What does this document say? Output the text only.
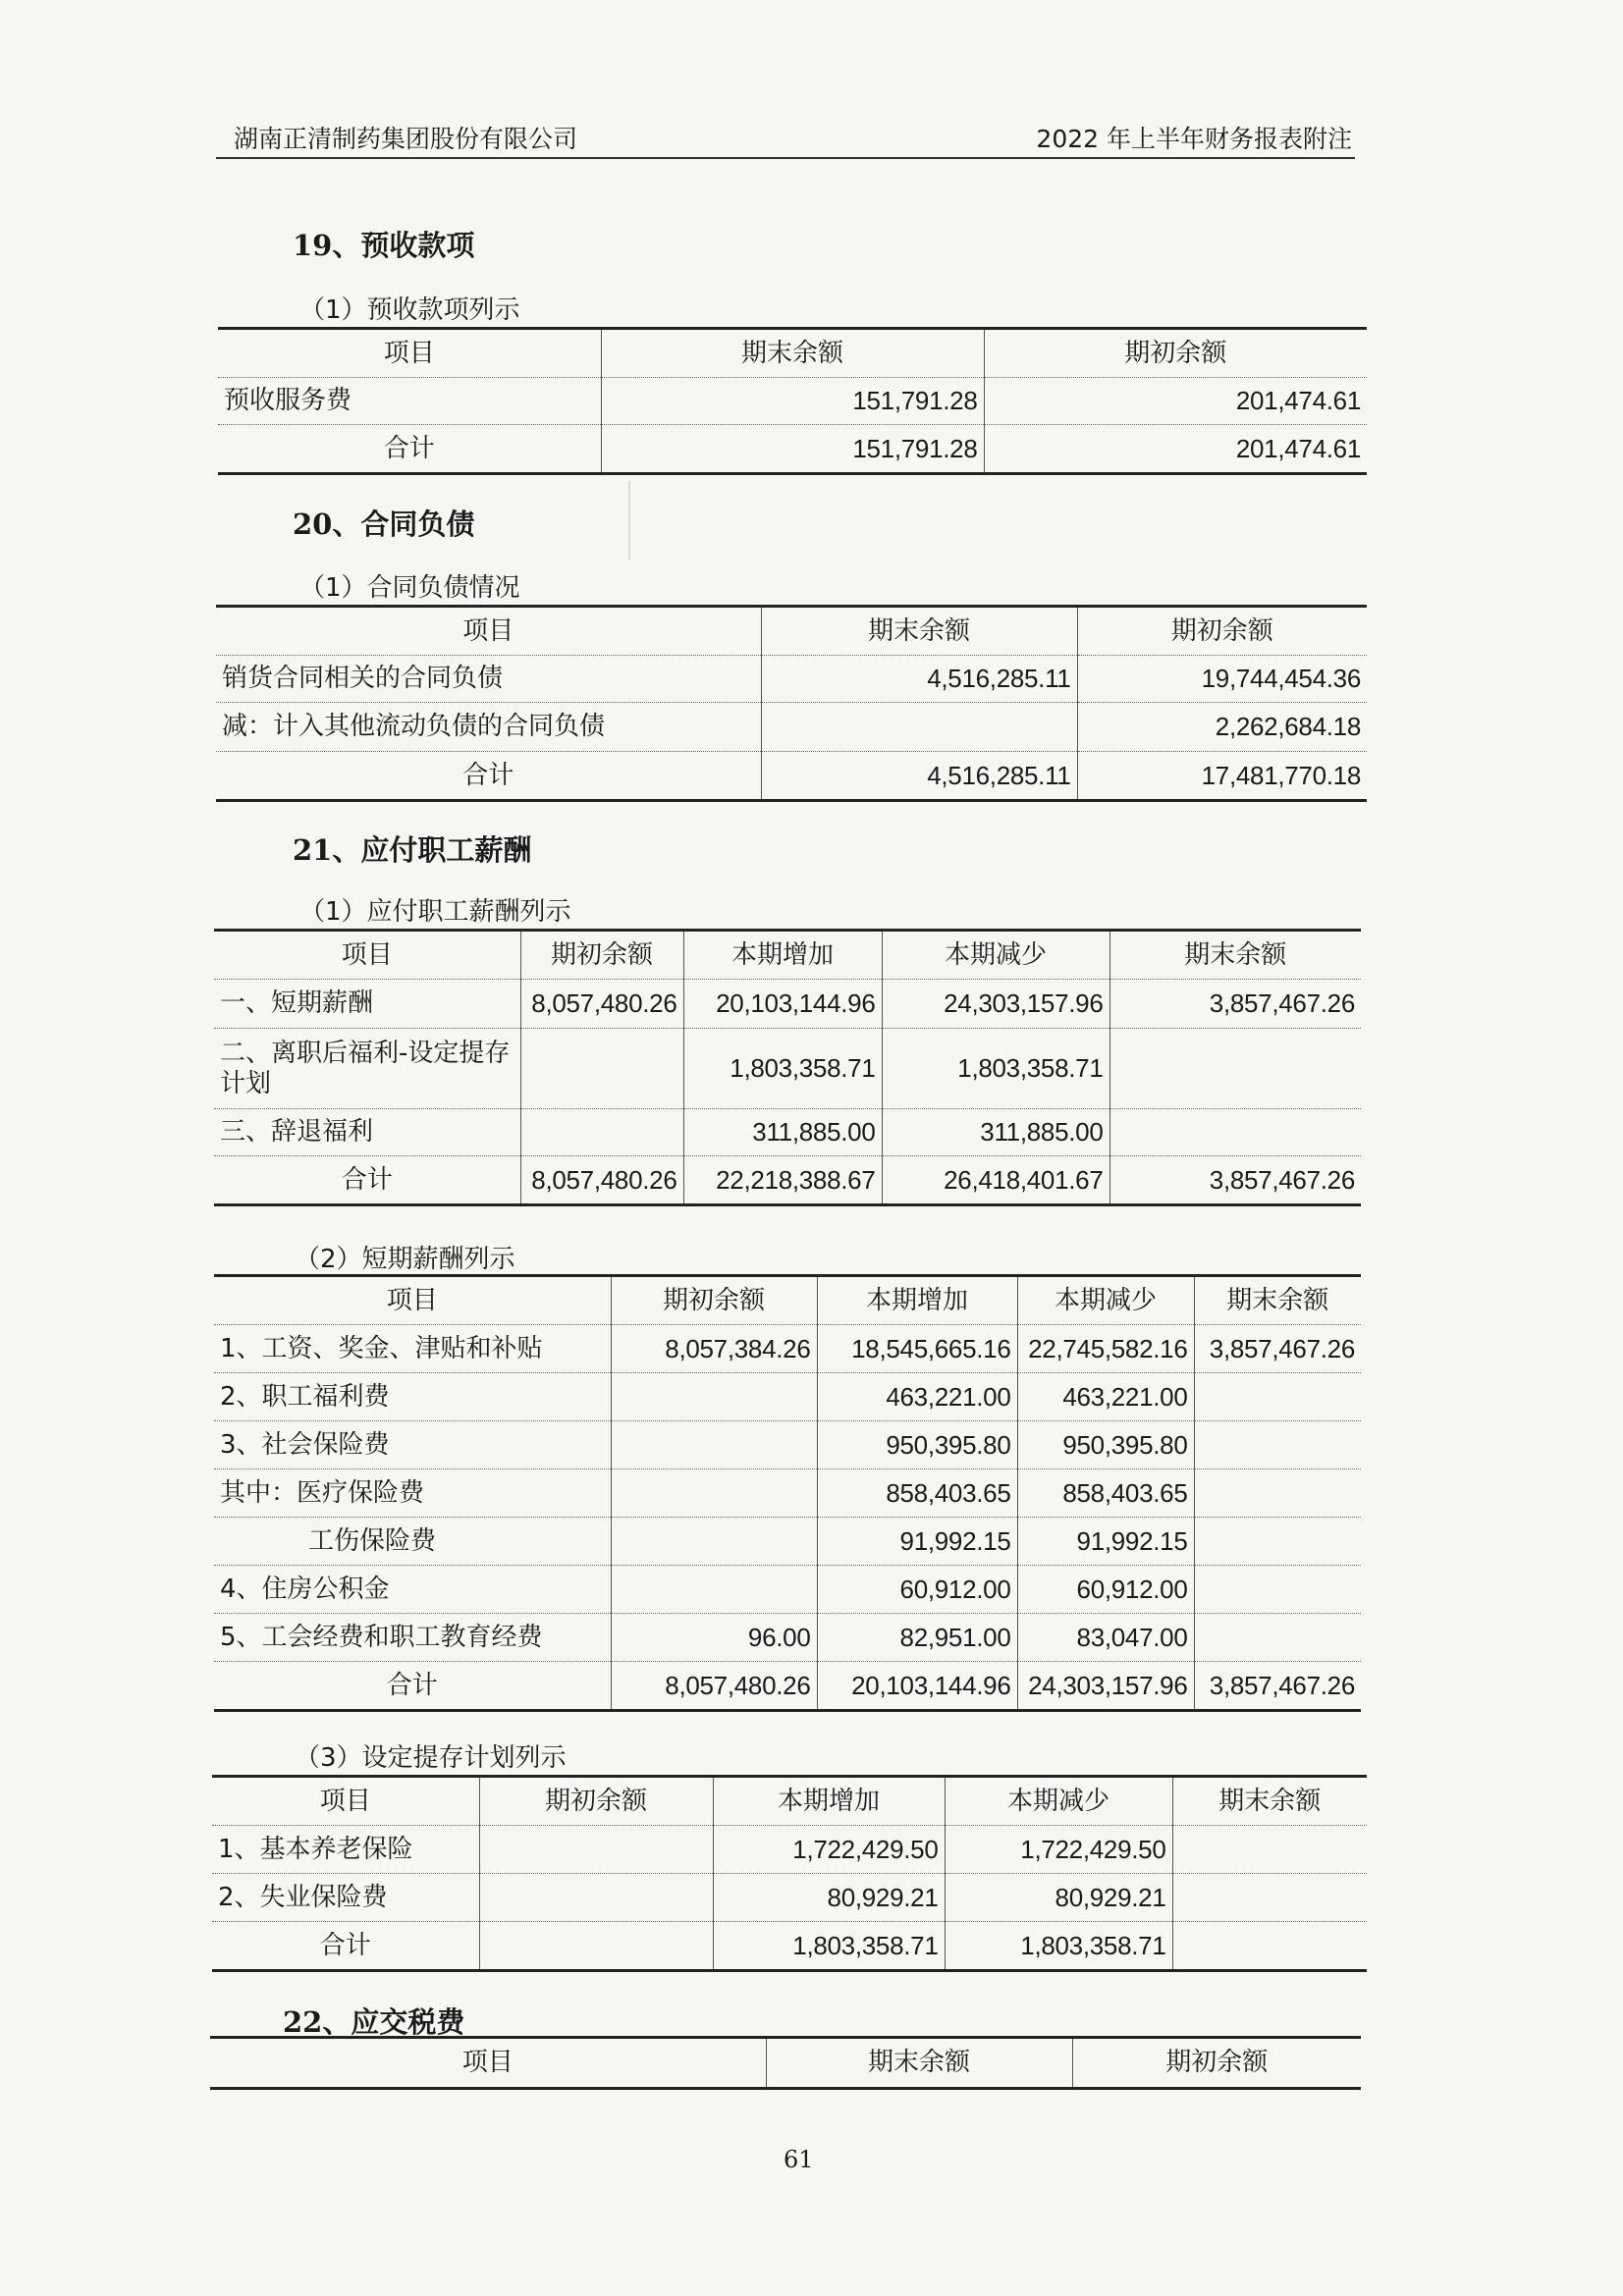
湖南正清制药集团股份有限公司	2022 年上半年财务报表附注
19、预收款项
（1）预收款项列示
项目	期末余额	期初余额
预收服务费	151,791.28	201,474.61
合计	151,791.28	201,474.61
20、合同负债
（1）合同负债情况
项目	期末余额	期初余额
销货合同相关的合同负债	4,516,285.11	19,744,454.36
减：计入其他流动负债的合同负债		2,262,684.18
合计	4,516,285.11	17,481,770.18
21、应付职工薪酬
（1）应付职工薪酬列示
项目	期初余额	本期增加	本期减少	期末余额
一、短期薪酬	8,057,480.26	20,103,144.96	24,303,157.96	3,857,467.26
二、离职后福利-设定提存计划		1,803,358.71	1,803,358.71	
三、辞退福利		311,885.00	311,885.00	
合计	8,057,480.26	22,218,388.67	26,418,401.67	3,857,467.26
（2）短期薪酬列示
项目	期初余额	本期增加	本期减少	期末余额
1、工资、奖金、津贴和补贴	8,057,384.26	18,545,665.16	22,745,582.16	3,857,467.26
2、职工福利费		463,221.00	463,221.00	
3、社会保险费		950,395.80	950,395.80	
其中：医疗保险费		858,403.65	858,403.65	
工伤保险费		91,992.15	91,992.15	
4、住房公积金		60,912.00	60,912.00	
5、工会经费和职工教育经费	96.00	82,951.00	83,047.00	
合计	8,057,480.26	20,103,144.96	24,303,157.96	3,857,467.26
（3）设定提存计划列示
项目	期初余额	本期增加	本期减少	期末余额
1、基本养老保险		1,722,429.50	1,722,429.50	
2、失业保险费		80,929.21	80,929.21	
合计		1,803,358.71	1,803,358.71	
22、应交税费
项目	期末余额	期初余额
61
